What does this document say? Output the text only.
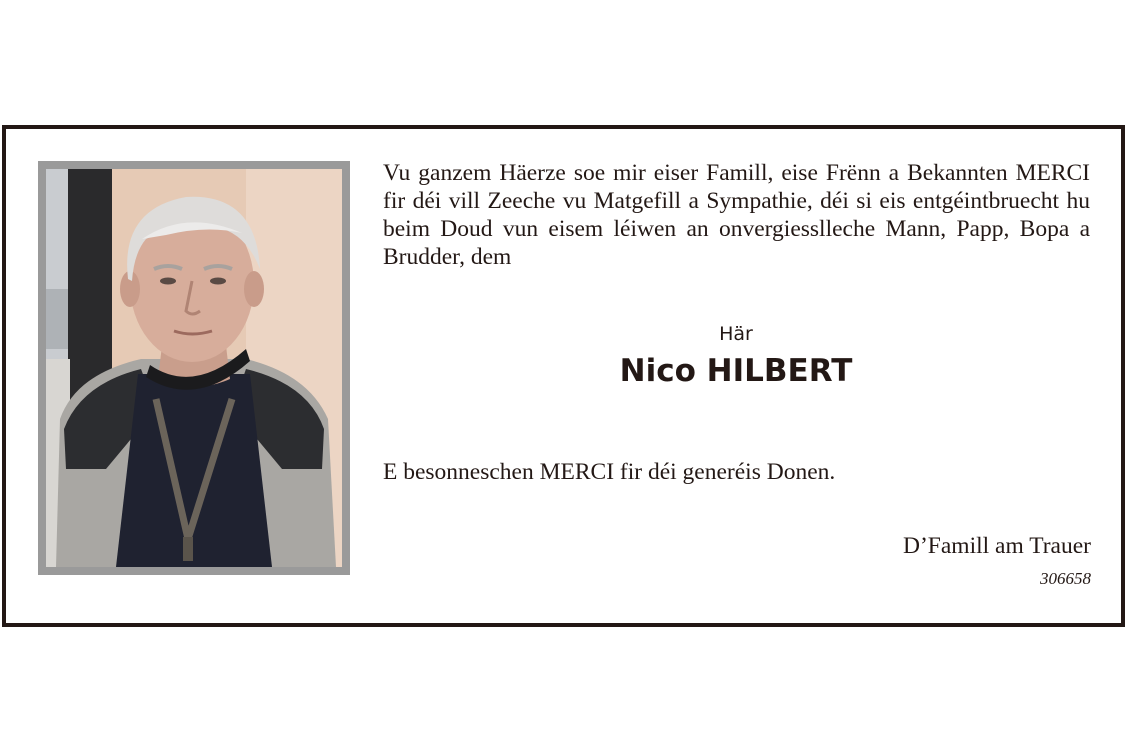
Vu ganzem Häerze soe mir eiser Famill, eise Frënn a Bekannten MERCI fir déi vill Zeeche vu Matgefill a Sympathie, déi si eis entgéintbruecht hu beim Doud vun eisem léiwen an onvergiesslleche Mann, Papp, Bopa a Brudder, dem

Här
Nico HILBERT
E besonneschen MERCI fir déi generéis Donen.
D’Famill am Trauer
306658
